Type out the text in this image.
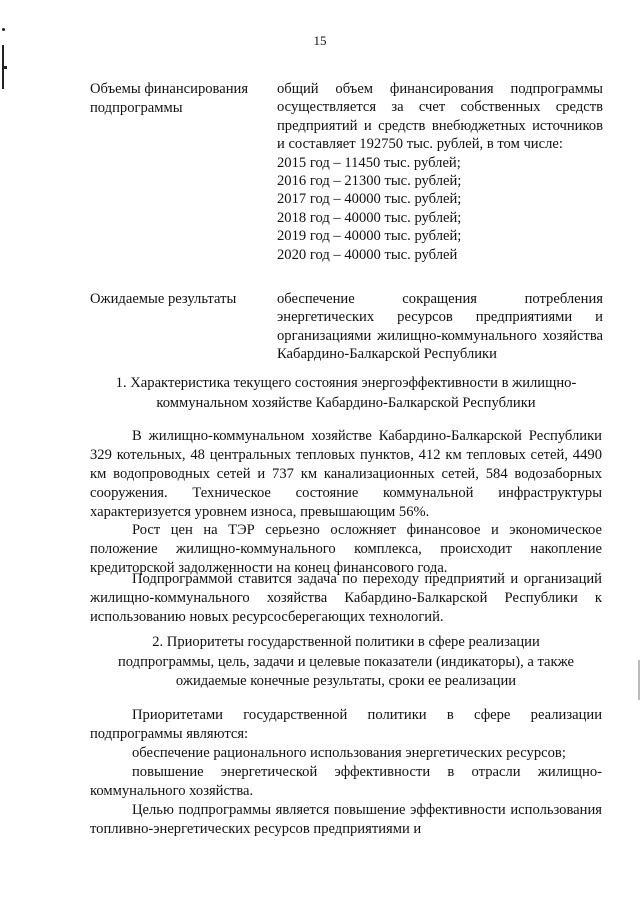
15
Объемы финансирования
подпрограммы
общий объем финансирования подпрограммы осуществляется за счет собственных средств предприятий и средств внебюджетных источников и составляет 192750 тыс. рублей, в том числе:
2015 год – 11450 тыс. рублей;
2016 год – 21300 тыс. рублей;
2017 год – 40000 тыс. рублей;
2018 год – 40000 тыс. рублей;
2019 год – 40000 тыс. рублей;
2020 год – 40000 тыс. рублей
Ожидаемые результаты	обеспечение сокращения потребления энергетических ресурсов предприятиями и организациями жилищно-коммунального хозяйства Кабардино-Балкарской Республики
1. Характеристика текущего состояния энергоэффективности в жилищно-
коммунальном хозяйстве Кабардино-Балкарской Республики
В жилищно-коммунальном хозяйстве Кабардино-Балкарской Республики 329 котельных, 48 центральных тепловых пунктов, 412 км тепловых сетей, 4490 км водопроводных сетей и 737 км канализационных сетей, 584 водозаборных сооружения. Техническое состояние коммунальной инфраструктуры характеризуется уровнем износа, превышающим 56%.
Рост цен на ТЭР серьезно осложняет финансовое и экономическое положение жилищно-коммунального комплекса, происходит накопление кредиторской задолженности на конец финансового года.
Подпрограммой ставится задача по переходу предприятий и организаций жилищно-коммунального хозяйства Кабардино-Балкарской Республики к использованию новых ресурсосберегающих технологий.
2. Приоритеты государственной политики в сфере реализации
подпрограммы, цель, задачи и целевые показатели (индикаторы), а также
ожидаемые конечные результаты, сроки ее реализации
Приоритетами государственной политики в сфере реализации подпрограммы являются:
обеспечение рационального использования энергетических ресурсов;
повышение энергетической эффективности в отрасли жилищно-коммунального хозяйства.
Целью подпрограммы является повышение эффективности использования топливно-энергетических ресурсов предприятиями и
